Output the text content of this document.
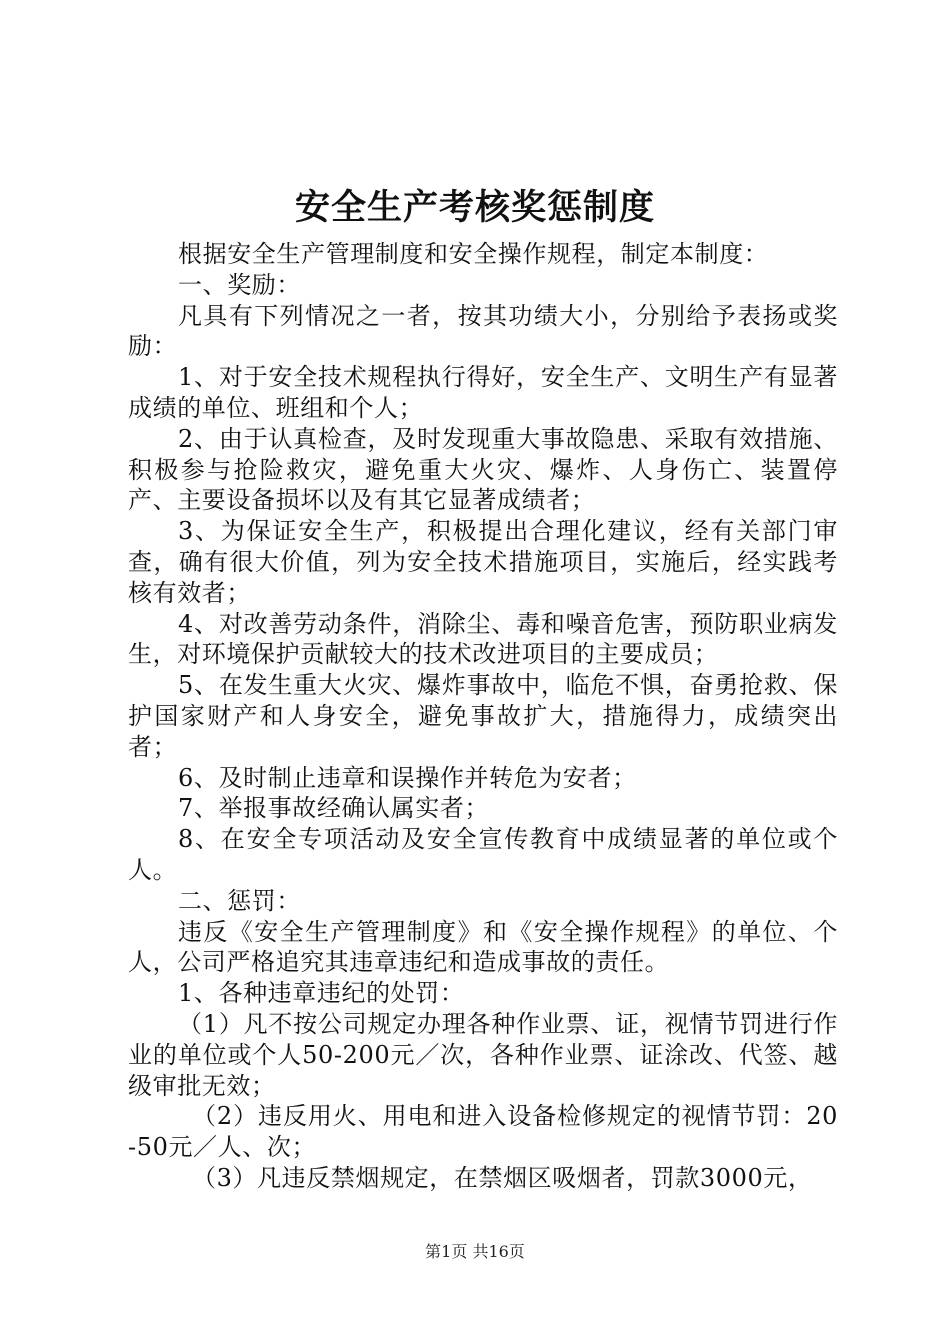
安全生产考核奖惩制度

根据安全生产管理制度和安全操作规程，制定本制度：

一、奖励：

凡具有下列情况之一者，按其功绩大小，分别给予表扬或奖励：

1、对于安全技术规程执行得好，安全生产、文明生产有显著成绩的单位、班组和个人；

2、由于认真检查，及时发现重大事故隐患、采取有效措施、积极参与抢险救灾，避免重大火灾、爆炸、人身伤亡、装置停产、主要设备损坏以及有其它显著成绩者；

3、为保证安全生产，积极提出合理化建议，经有关部门审查，确有很大价值，列为安全技术措施项目，实施后，经实践考核有效者；

4、对改善劳动条件，消除尘、毒和噪音危害，预防职业病发生，对环境保护贡献较大的技术改进项目的主要成员；

5、在发生重大火灾、爆炸事故中，临危不惧，奋勇抢救、保护国家财产和人身安全，避免事故扩大，措施得力，成绩突出者；

6、及时制止违章和误操作并转危为安者；

7、举报事故经确认属实者；

8、在安全专项活动及安全宣传教育中成绩显著的单位或个人。

二、惩罚：

违反《安全生产管理制度》和《安全操作规程》的单位、个人，公司严格追究其违章违纪和造成事故的责任。

1、各种违章违纪的处罚：

（1）凡不按公司规定办理各种作业票、证，视情节罚进行作业的单位或个人50-200元／次，各种作业票、证涂改、代签、越级审批无效；

（2）违反用火、用电和进入设备检修规定的视情节罚：20-50元／人、次；

（3）凡违反禁烟规定，在禁烟区吸烟者，罚款3000元，

第1页 共16页
